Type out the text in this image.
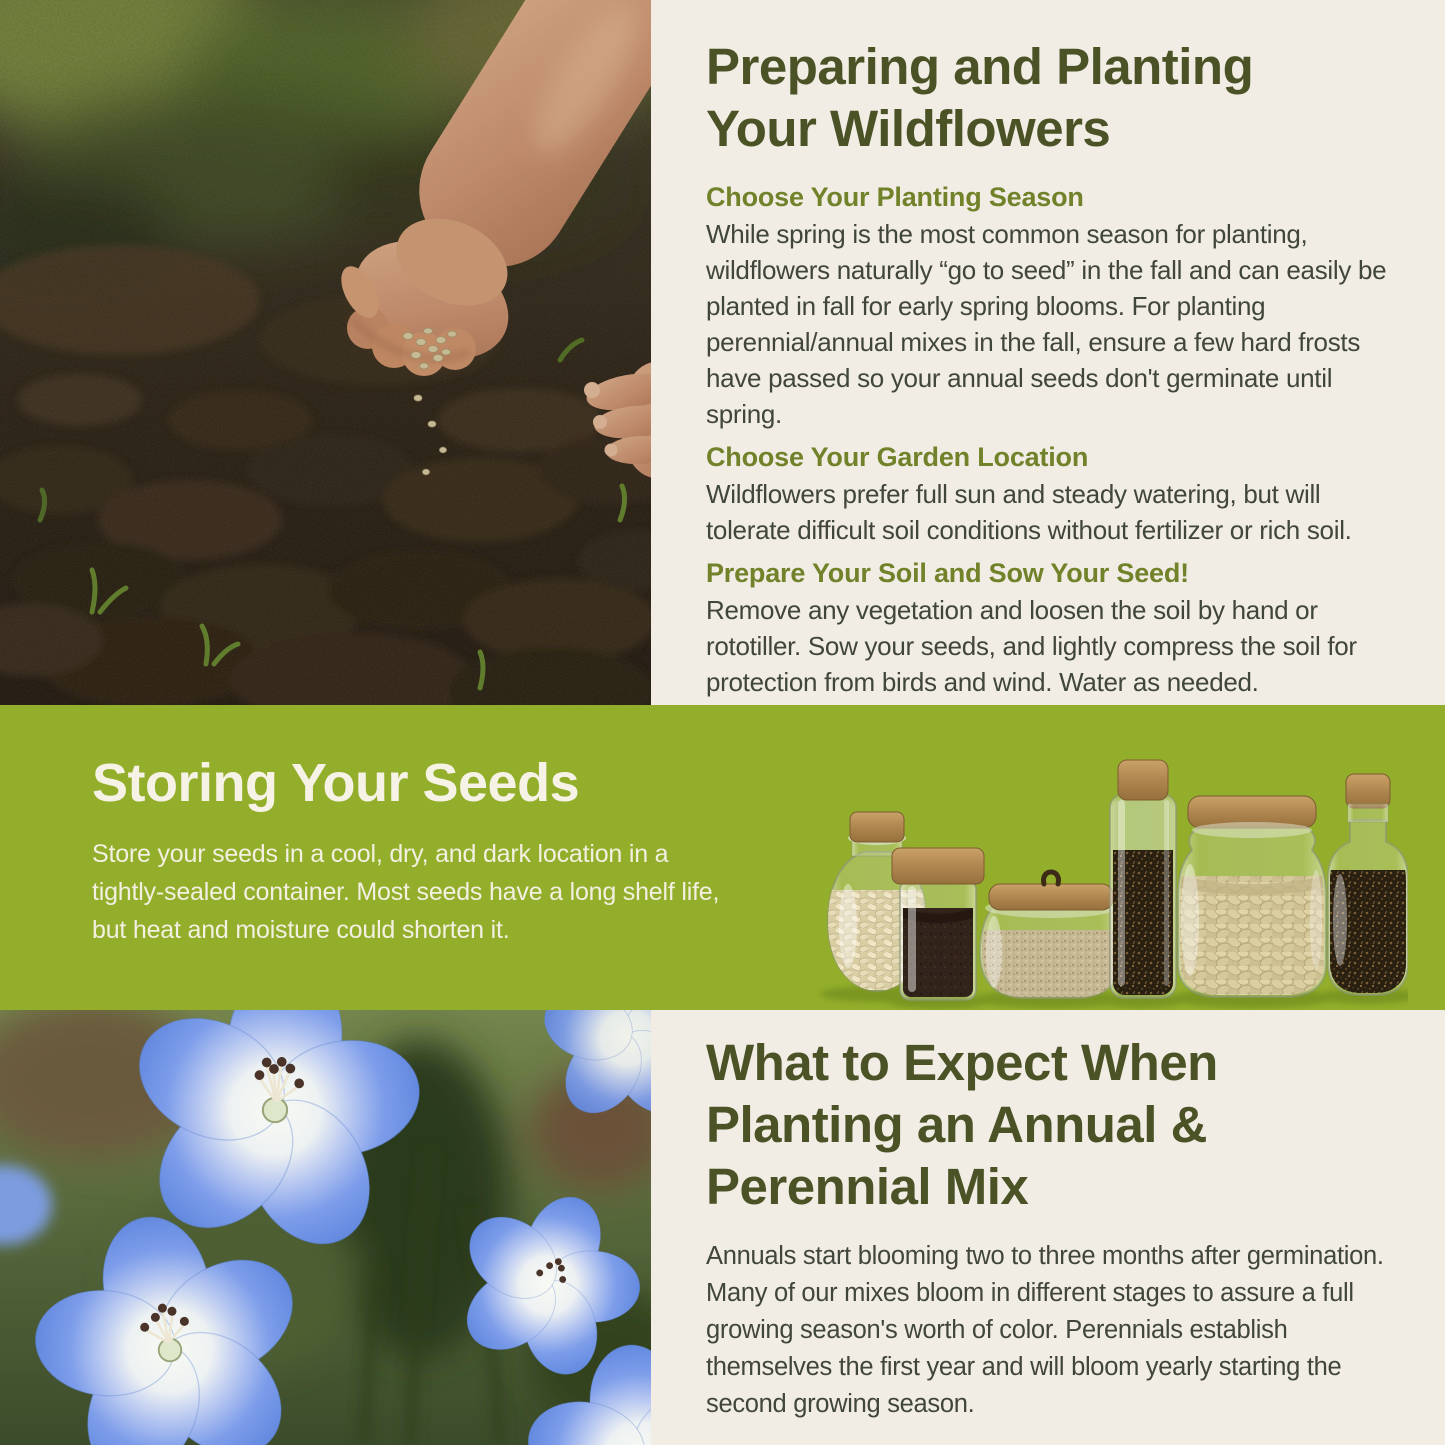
Preparing and Planting
Your Wildflowers
Choose Your Planting Season

While spring is the most common season for planting, wildflowers naturally “go to seed” in the fall and can easily be planted in fall for early spring blooms. For planting perennial/annual mixes in the fall, ensure a few hard frosts have passed so your annual seeds don't germinate until spring.

Choose Your Garden Location

Wildflowers prefer full sun and steady watering, but will tolerate difficult soil conditions without fertilizer or rich soil.

Prepare Your Soil and Sow Your Seed!

Remove any vegetation and loosen the soil by hand or rototiller. Sow your seeds, and lightly compress the soil for protection from birds and wind. Water as needed.

Storing Your Seeds

Store your seeds in a cool, dry, and dark location in a tightly-sealed container. Most seeds have a long shelf life, but heat and moisture could shorten it.

What to Expect When
Planting an Annual &
Perennial Mix

Annuals start blooming two to three months after germination. Many of our mixes bloom in different stages to assure a full growing season's worth of color. Perennials establish themselves the first year and will bloom yearly starting the second growing season.
